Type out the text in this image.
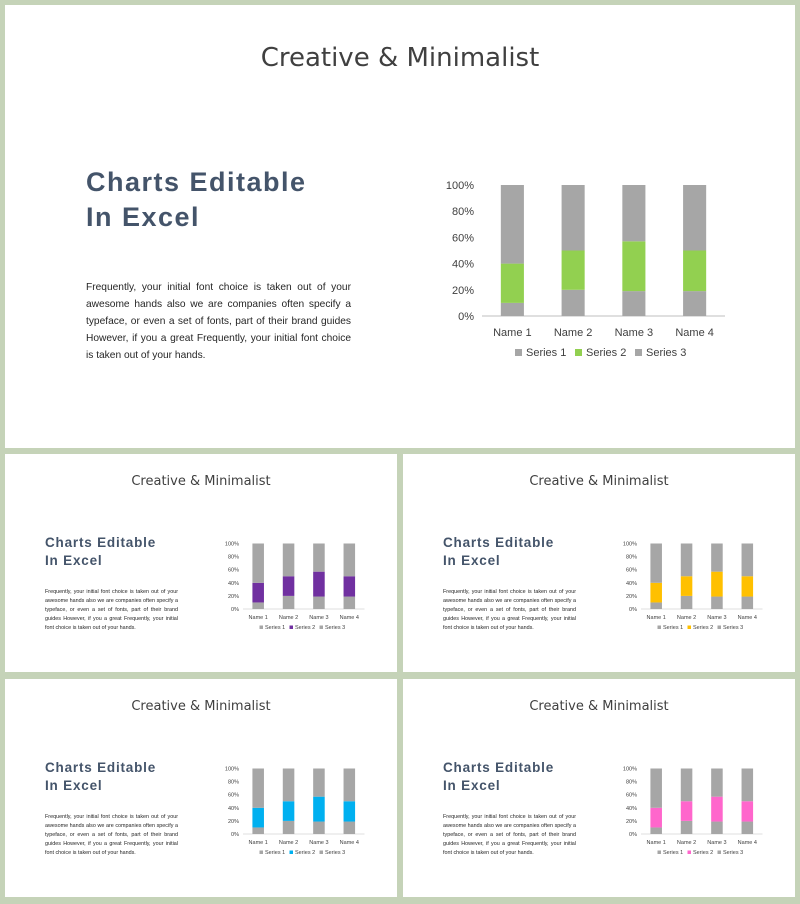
Creative & Minimalist
Charts Editable
In Excel
Frequently, your initial font choice is taken out of your awesome hands also we are companies often specify a typeface, or even a set of fonts, part of their brand guides However, if you a great Frequently, your initial font choice is taken out of your hands.
0%
20%
40%
60%
80%
100%
Name 1 Name 2 Name 3 Name 4
Series 1 Series 2 Series 3
Creative & Minimalist
Charts Editable
In Excel
Frequently, your initial font choice is taken out of your awesome hands also we are companies often specify a typeface, or even a set of fonts, part of their brand guides However, if you a great Frequently, your initial font choice is taken out of your hands.
0%
20%
40%
60%
80%
100%
Name 1 Name 2 Name 3 Name 4
Series 1 Series 2 Series 3
Creative & Minimalist
Charts Editable
In Excel
Frequently, your initial font choice is taken out of your awesome hands also we are companies often specify a typeface, or even a set of fonts, part of their brand guides However, if you a great Frequently, your initial font choice is taken out of your hands.
0%
20%
40%
60%
80%
100%
Name 1 Name 2 Name 3 Name 4
Series 1 Series 2 Series 3
Creative & Minimalist
Charts Editable
In Excel
Frequently, your initial font choice is taken out of your awesome hands also we are companies often specify a typeface, or even a set of fonts, part of their brand guides However, if you a great Frequently, your initial font choice is taken out of your hands.
0%
20%
40%
60%
80%
100%
Name 1 Name 2 Name 3 Name 4
Series 1 Series 2 Series 3
Creative & Minimalist
Charts Editable
In Excel
Frequently, your initial font choice is taken out of your awesome hands also we are companies often specify a typeface, or even a set of fonts, part of their brand guides However, if you a great Frequently, your initial font choice is taken out of your hands.
0%
20%
40%
60%
80%
100%
Name 1 Name 2 Name 3 Name 4
Series 1 Series 2 Series 3
